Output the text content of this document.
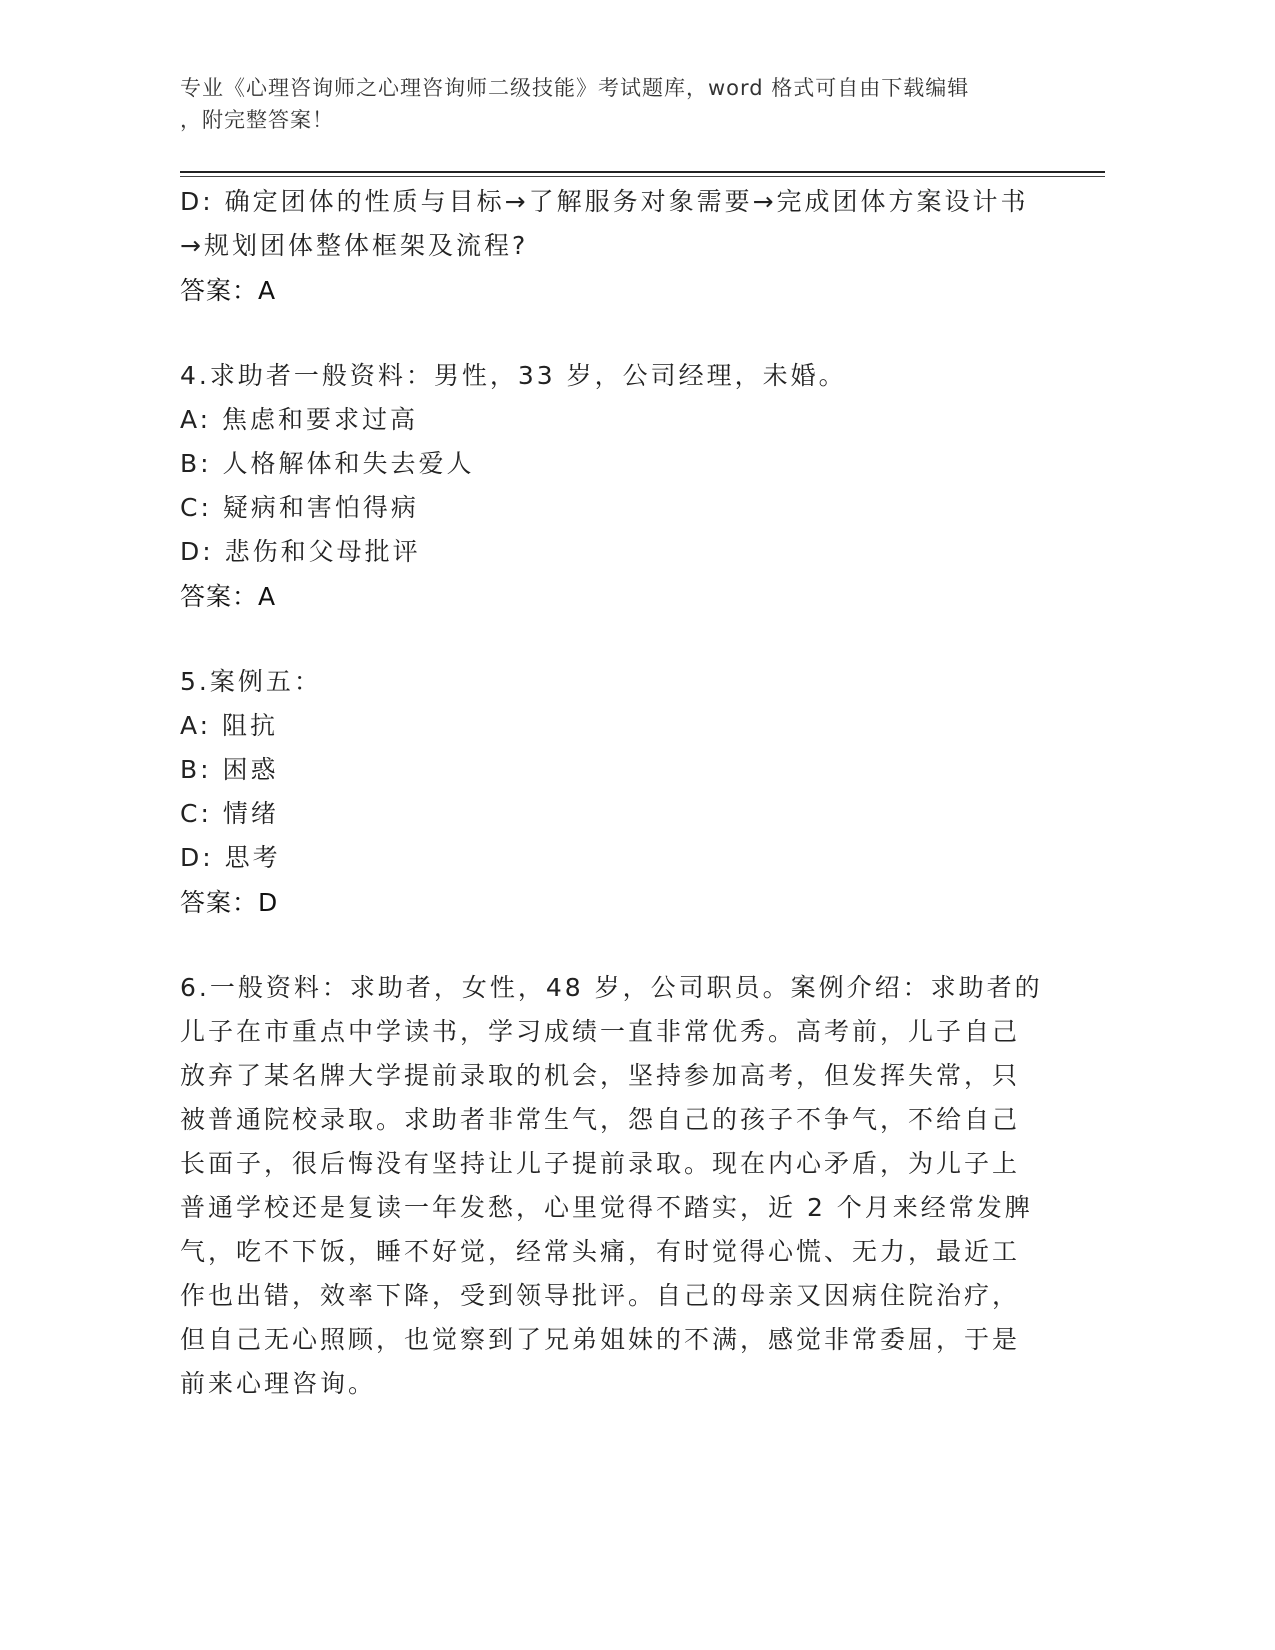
专业《心理咨询师之心理咨询师二级技能》考试题库，word 格式可自由下载编辑
，附完整答案！
D: 确定团体的性质与目标→了解服务对象需要→完成团体方案设计书
→规划团体整体框架及流程?
答案：A
4.求助者一般资料：男性，33 岁，公司经理，未婚。
A: 焦虑和要求过高
B: 人格解体和失去爱人
C: 疑病和害怕得病
D: 悲伤和父母批评
答案：A
5.案例五：
A: 阻抗
B: 困惑
C: 情绪
D: 思考
答案：D
6.一般资料：求助者，女性，48 岁，公司职员。案例介绍：求助者的
儿子在市重点中学读书，学习成绩一直非常优秀。高考前，儿子自己
放弃了某名牌大学提前录取的机会，坚持参加高考，但发挥失常，只
被普通院校录取。求助者非常生气，怨自己的孩子不争气，不给自己
长面子，很后悔没有坚持让儿子提前录取。现在内心矛盾，为儿子上
普通学校还是复读一年发愁，心里觉得不踏实，近 2 个月来经常发脾
气，吃不下饭，睡不好觉，经常头痛，有时觉得心慌、无力，最近工
作也出错，效率下降，受到领导批评。自己的母亲又因病住院治疗，
但自己无心照顾，也觉察到了兄弟姐妹的不满，感觉非常委屈，于是
前来心理咨询。
